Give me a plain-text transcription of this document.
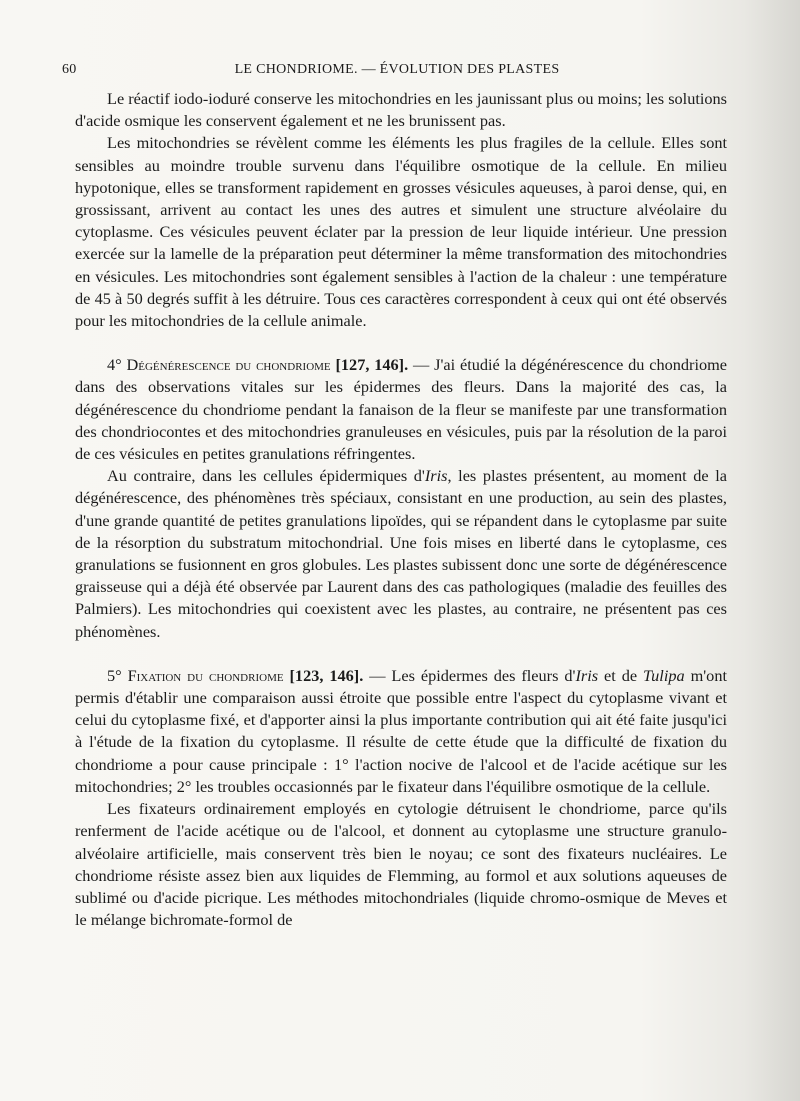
60	LE CHONDRIOME. — ÉVOLUTION DES PLASTES

Le réactif iodo-ioduré conserve les mitochondries en les jaunissant plus ou moins; les solutions d'acide osmique les conservent également et ne les brunissent pas.

Les mitochondries se révèlent comme les éléments les plus fragiles de la cellule. Elles sont sensibles au moindre trouble survenu dans l'équilibre osmotique de la cellule. En milieu hypotonique, elles se transforment rapidement en grosses vésicules aqueuses, à paroi dense, qui, en grossissant, arrivent au contact les unes des autres et simulent une structure alvéolaire du cytoplasme. Ces vésicules peuvent éclater par la pression de leur liquide intérieur. Une pression exercée sur la lamelle de la préparation peut déterminer la même transformation des mitochondries en vésicules. Les mitochondries sont également sensibles à l'action de la chaleur : une température de 45 à 50 degrés suffit à les détruire. Tous ces caractères correspondent à ceux qui ont été observés pour les mitochondries de la cellule animale.

4° Dégénérescence du chondriome [127, 146]. — J'ai étudié la dégénérescence du chondriome dans des observations vitales sur les épidermes des fleurs. Dans la majorité des cas, la dégénérescence du chondriome pendant la fanaison de la fleur se manifeste par une transformation des chondriocontes et des mitochondries granuleuses en vésicules, puis par la résolution de la paroi de ces vésicules en petites granulations réfringentes.

Au contraire, dans les cellules épidermiques d'Iris, les plastes présentent, au moment de la dégénérescence, des phénomènes très spéciaux, consistant en une production, au sein des plastes, d'une grande quantité de petites granulations lipoïdes, qui se répandent dans le cytoplasme par suite de la résorption du substratum mitochondrial. Une fois mises en liberté dans le cytoplasme, ces granulations se fusionnent en gros globules. Les plastes subissent donc une sorte de dégénérescence graisseuse qui a déjà été observée par Laurent dans des cas pathologiques (maladie des feuilles des Palmiers). Les mitochondries qui coexistent avec les plastes, au contraire, ne présentent pas ces phénomènes.

5° Fixation du chondriome [123, 146]. — Les épidermes des fleurs d'Iris et de Tulipa m'ont permis d'établir une comparaison aussi étroite que possible entre l'aspect du cytoplasme vivant et celui du cytoplasme fixé, et d'apporter ainsi la plus importante contribution qui ait été faite jusqu'ici à l'étude de la fixation du cytoplasme. Il résulte de cette étude que la difficulté de fixation du chondriome a pour cause principale : 1° l'action nocive de l'alcool et de l'acide acétique sur les mitochondries; 2° les troubles occasionnés par le fixateur dans l'équilibre osmotique de la cellule.

Les fixateurs ordinairement employés en cytologie détruisent le chondriome, parce qu'ils renferment de l'acide acétique ou de l'alcool, et donnent au cytoplasme une structure granulo-alvéolaire artificielle, mais conservent très bien le noyau; ce sont des fixateurs nucléaires. Le chondriome résiste assez bien aux liquides de Flemming, au formol et aux solutions aqueuses de sublimé ou d'acide picrique. Les méthodes mitochondriales (liquide chromo-osmique de Meves et le mélange bichromate-formol de
